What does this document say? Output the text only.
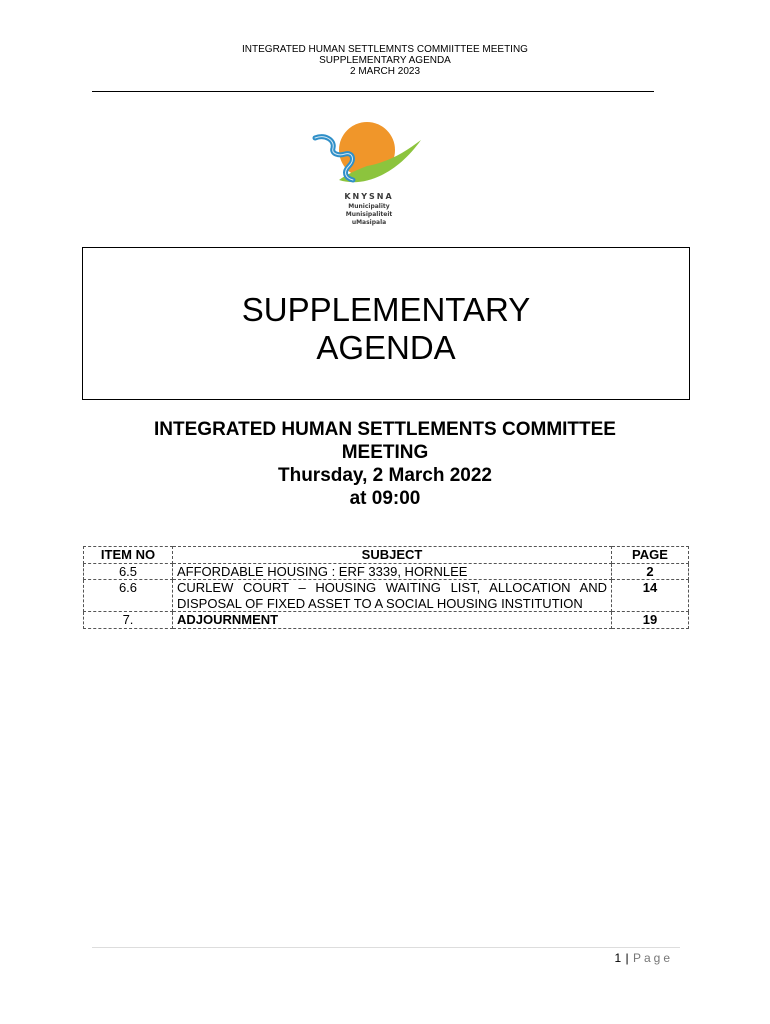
INTEGRATED HUMAN SETTLEMNTS COMMIITTEE MEETING
SUPPLEMENTARY AGENDA
2 MARCH 2023
KNYSNA
Municipality
Munisipaliteit
uMasipala
SUPPLEMENTARY
AGENDA
INTEGRATED HUMAN SETTLEMENTS COMMITTEE
MEETING
Thursday, 2 March 2022
at 09:00
ITEM NO	SUBJECT	PAGE
6.5	AFFORDABLE HOUSING : ERF 3339, HORNLEE	2
6.6	CURLEW COURT – HOUSING WAITING LIST, ALLOCATION AND DISPOSAL OF FIXED ASSET TO A SOCIAL HOUSING INSTITUTION	14
7.	ADJOURNMENT	19
1 | Page
